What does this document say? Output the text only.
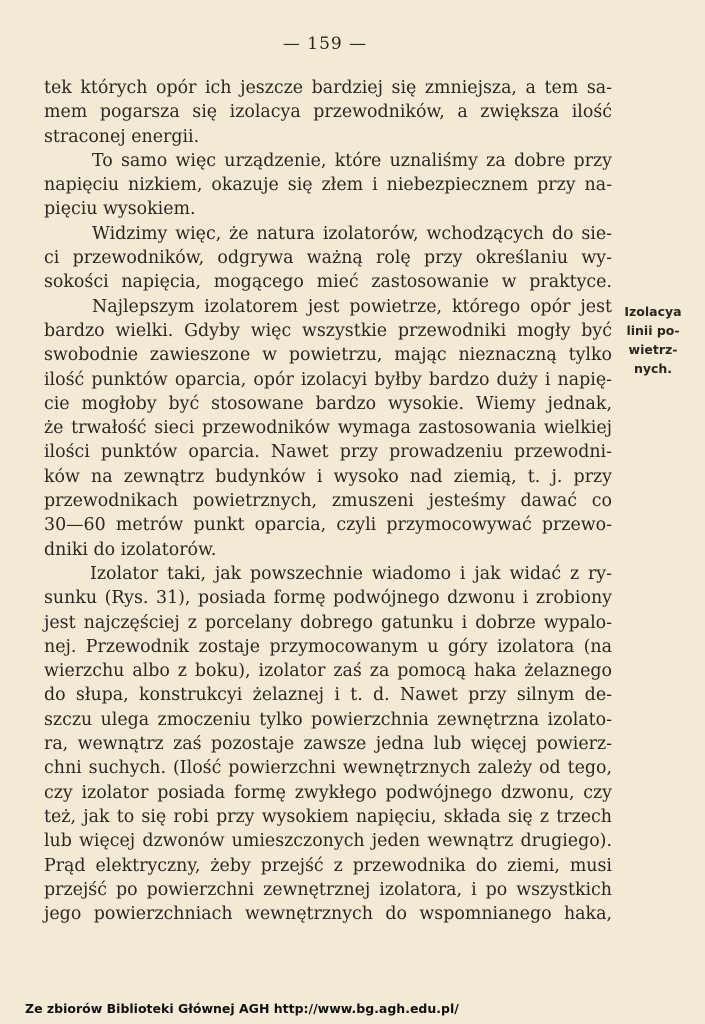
— 159 —
tek których opór ich jeszcze bardziej się zmniejsza, a tem sa-
mem pogarsza się izolacya przewodników, a zwiększa ilość
straconej energii.
To samo więc urządzenie, które uznaliśmy za dobre przy
napięciu nizkiem, okazuje się złem i niebezpiecznem przy na-
pięciu wysokiem.
Widzimy więc, że natura izolatorów, wchodzących do sie-
ci przewodników, odgrywa ważną rolę przy określaniu wy-
sokości napięcia, mogącego mieć zastosowanie w praktyce.
Najlepszym izolatorem jest powietrze, którego opór jest
bardzo wielki. Gdyby więc wszystkie przewodniki mogły być
swobodnie zawieszone w powietrzu, mając nieznaczną tylko
ilość punktów oparcia, opór izolacyi byłby bardzo duży i napię-
cie mogłoby być stosowane bardzo wysokie. Wiemy jednak,
że trwałość sieci przewodników wymaga zastosowania wielkiej
ilości punktów oparcia. Nawet przy prowadzeniu przewodni-
ków na zewnątrz budynków i wysoko nad ziemią, t. j. przy
przewodnikach powietrznych, zmuszeni jesteśmy dawać co
30—60 metrów punkt oparcia, czyli przymocowywać przewo-
dniki do izolatorów.
Izolator taki, jak powszechnie wiadomo i jak widać z ry-
sunku (Rys. 31), posiada formę podwójnego dzwonu i zrobiony
jest najczęściej z porcelany dobrego gatunku i dobrze wypalo-
nej. Przewodnik zostaje przymocowanym u góry izolatora (na
wierzchu albo z boku), izolator zaś za pomocą haka żelaznego
do słupa, konstrukcyi żelaznej i t. d. Nawet przy silnym de-
szczu ulega zmoczeniu tylko powierzchnia zewnętrzna izolato-
ra, wewnątrz zaś pozostaje zawsze jedna lub więcej powierz-
chni suchych. (Ilość powierzchni wewnętrznych zależy od tego,
czy izolator posiada formę zwykłego podwójnego dzwonu, czy
też, jak to się robi przy wysokiem napięciu, składa się z trzech
lub więcej dzwonów umieszczonych jeden wewnątrz drugiego).
Prąd elektryczny, żeby przejść z przewodnika do ziemi, musi
przejść po powierzchni zewnętrznej izolatora, i po wszystkich
jego powierzchniach wewnętrznych do wspomnianego haka,
Izolacya
linii po-
wietrz-
nych.
Ze zbiorów Biblioteki Głównej AGH http://www.bg.agh.edu.pl/
